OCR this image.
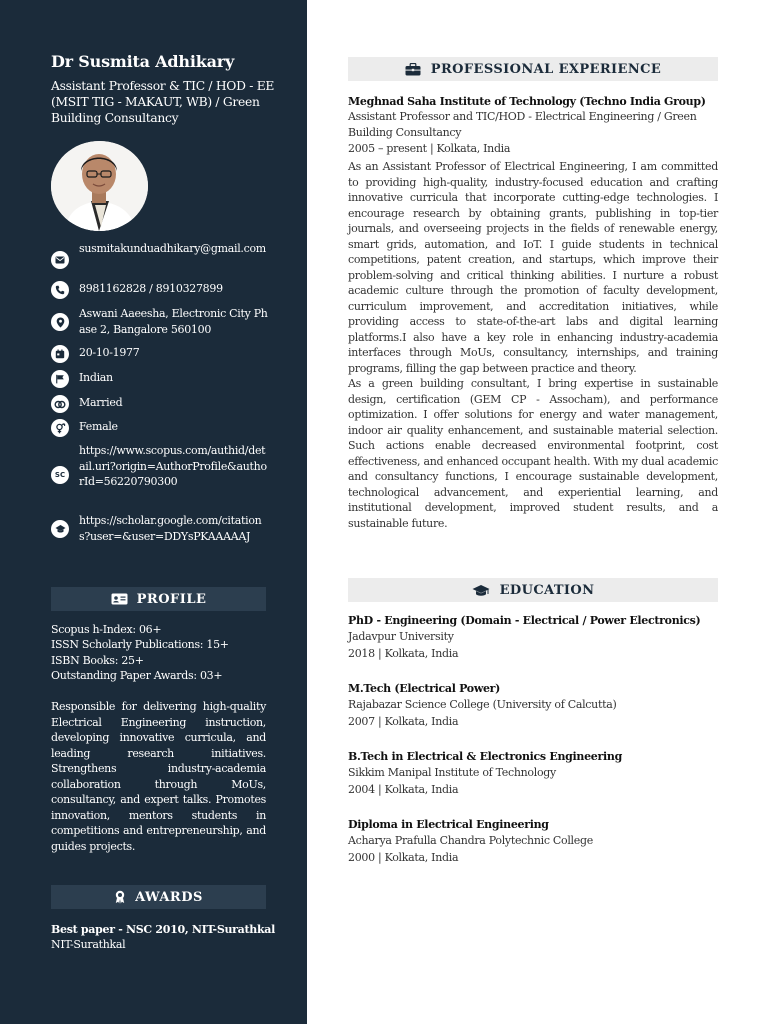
Dr Susmita Adhikary
Assistant Professor & TIC / HOD - EE (MSIT TIG - MAKAUT, WB) / Green Building Consultancy
susmitakunduadhikary@gmail.com
8981162828 / 8910327899
Aswani Aaeesha, Electronic City Phase 2, Bangalore 560100
20-10-1977
Indian
Married
Female
SC
https://www.scopus.com/authid/detail.uri?origin=AuthorProfile&authorId=56220790300
https://scholar.google.com/citations?user=&user=DDYsPKAAAAAJ
PROFILE
Scopus h-Index: 06+
ISSN Scholarly Publications: 15+
ISBN Books: 25+
Outstanding Paper Awards: 03+
Responsible for delivering high-quality Electrical Engineering instruction, developing innovative curricula, and leading research initiatives. Strengthens industry-academia collaboration through MoUs, consultancy, and expert talks. Promotes innovation, mentors students in competitions and entrepreneurship, and guides projects.
AWARDS
Best paper - NSC 2010, NIT-Surathkal
NIT-Surathkal
PROFESSIONAL EXPERIENCE
Meghnad Saha Institute of Technology (Techno India Group)
Assistant Professor and TIC/HOD - Electrical Engineering / Green Building Consultancy
2005 – present | Kolkata, India

As an Assistant Professor of Electrical Engineering, I am committed to providing high-quality, industry-focused education and crafting innovative curricula that incorporate cutting-edge technologies. I encourage research by obtaining grants, publishing in top-tier journals, and overseeing projects in the fields of renewable energy, smart grids, automation, and IoT. I guide students in technical competitions, patent creation, and startups, which improve their problem-solving and critical thinking abilities. I nurture a robust academic culture through the promotion of faculty development, curriculum improvement, and accreditation initiatives, while providing access to state-of-the-art labs and digital learning platforms.I also have a key role in enhancing industry-academia interfaces through MoUs, consultancy, internships, and training programs, filling the gap between practice and theory.

As a green building consultant, I bring expertise in sustainable design, certification (GEM CP - Assocham), and performance optimization. I offer solutions for energy and water management, indoor air quality enhancement, and sustainable material selection. Such actions enable decreased environmental footprint, cost effectiveness, and enhanced occupant health. With my dual academic and consultancy functions, I encourage sustainable development, technological advancement, and experiential learning, and institutional development, improved student results, and a sustainable future.

EDUCATION
PhD - Engineering (Domain - Electrical / Power Electronics)
Jadavpur University
2018 | Kolkata, India
M.Tech (Electrical Power)
Rajabazar Science College (University of Calcutta)
2007 | Kolkata, India
B.Tech in Electrical & Electronics Engineering
Sikkim Manipal Institute of Technology
2004 | Kolkata, India
Diploma in Electrical Engineering
Acharya Prafulla Chandra Polytechnic College
2000 | Kolkata, India
